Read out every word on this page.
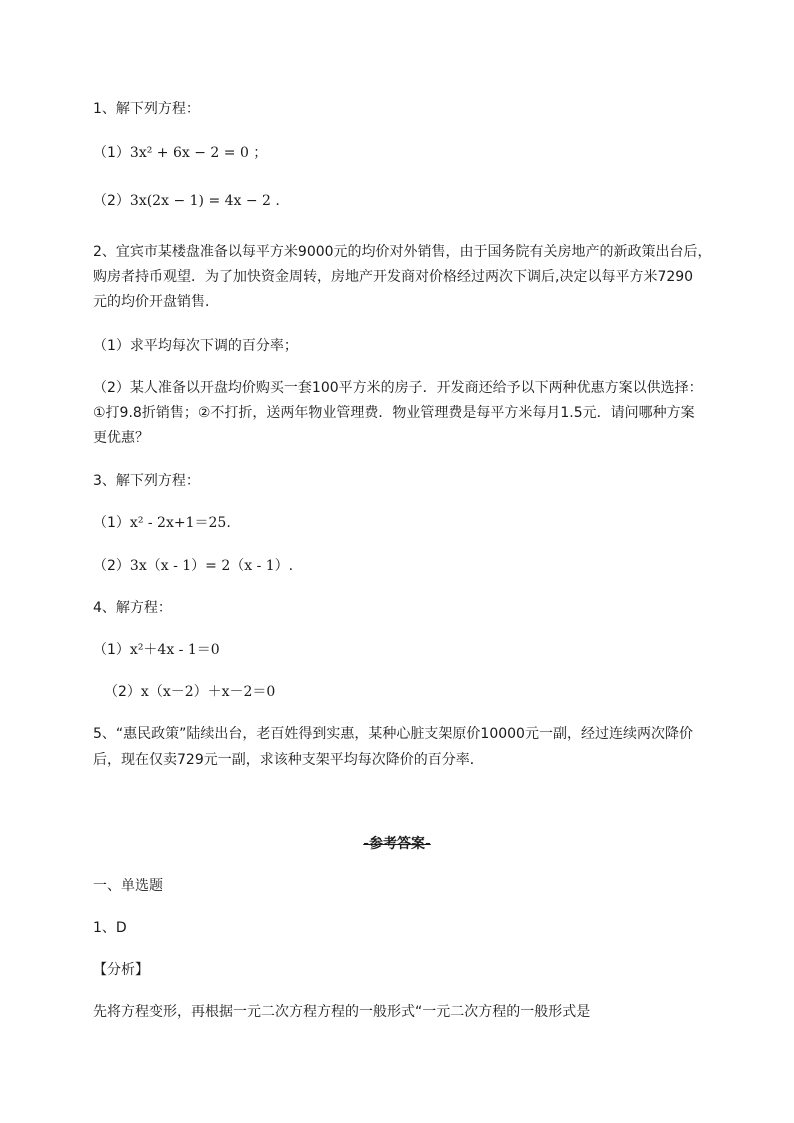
1、解下列方程：
（1）3x² + 6x − 2 = 0 ；
（2）3x(2x − 1) = 4x − 2 .
2、宜宾市某楼盘准备以每平方米9000元的均价对外销售，由于国务院有关房地产的新政策出台后，
购房者持币观望．为了加快资金周转，房地产开发商对价格经过两次下调后,决定以每平方米7290
元的均价开盘销售．
（1）求平均每次下调的百分率；
（2）某人准备以开盘均价购买一套100平方米的房子．开发商还给予以下两种优惠方案以供选择：
①打9.8折销售；②不打折，送两年物业管理费．物业管理费是每平方米每月1.5元．请问哪种方案
更优惠？
3、解下列方程：
（1）x² - 2x+1＝25.
（2）3x（x - 1）= 2（x - 1）.
4、解方程：
（1）x²＋4x - 1＝0
（2）x（x－2）＋x－2＝0
5、“惠民政策”陆续出台，老百姓得到实惠，某种心脏支架原价10000元一副，经过连续两次降价
后，现在仅卖729元一副，求该种支架平均每次降价的百分率．
-参考答案-
一、单选题
1、D
【分析】
先将方程变形，再根据一元二次方程方程的一般形式“一元二次方程的一般形式是
